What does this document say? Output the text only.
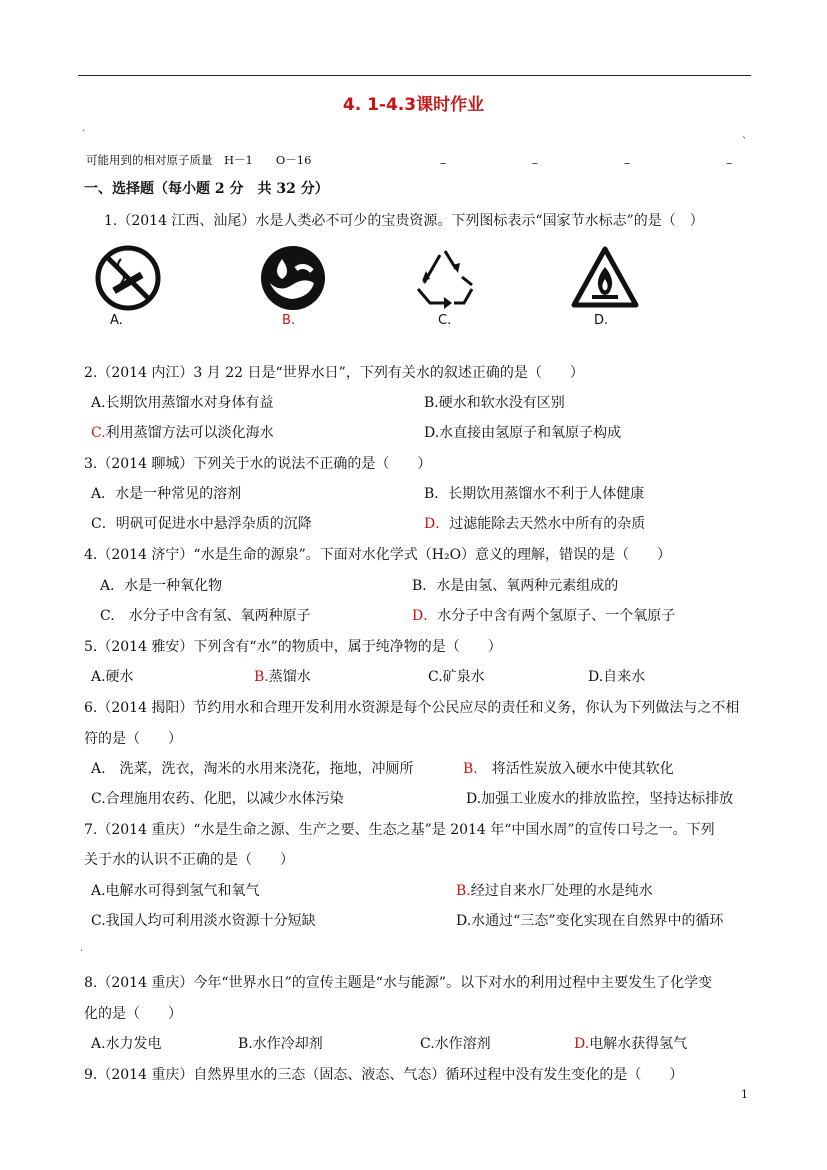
4. 1-4.3课时作业
·	、
可能用到的相对原子质量　H－1　　O－16	–	–	–	–
一、选择题（每小题 2 分　共 32 分）
1.（2014 江西、汕尾）水是人类必不可少的宝贵资源。下列图标表示“国家节水标志”的是（　）
A.	B.	C.	D.
2.（2014 内江）3 月 22 日是“世界水日”，下列有关水的叙述正确的是（　　）
A.长期饮用蒸馏水对身体有益	B.硬水和软水没有区别
C.利用蒸馏方法可以淡化海水	D.水直接由氢原子和氧原子构成
3.（2014 聊城）下列关于水的说法不正确的是（　　）
A．水是一种常见的溶剂	B．长期饮用蒸馏水不利于人体健康
C．明矾可促进水中悬浮杂质的沉降	D．过滤能除去天然水中所有的杂质
4.（2014 济宁）“水是生命的源泉”。下面对水化学式（H₂O）意义的理解，错误的是（　　）
A．水是一种氧化物	B．水是由氢、氧两种元素组成的
C.　水分子中含有氢、氧两种原子	D．水分子中含有两个氢原子、一个氧原子
5.（2014 雅安）下列含有“水”的物质中，属于纯净物的是（　　）
A.硬水	B.蒸馏水	C.矿泉水	D.自来水
6.（2014 揭阳）节约用水和合理开发利用水资源是每个公民应尽的责任和义务，你认为下列做法与之不相
符的是（　　）
A.　洗菜，洗衣，淘米的水用来浇花，拖地，冲厕所	B.　 将活性炭放入硬水中使其软化
C.合理施用农药、化肥，以减少水体污染	D.加强工业废水的排放监控，坚持达标排放
7.（2014 重庆）“水是生命之源、生产之要、生态之基”是 2014 年“中国水周”的宣传口号之一。下列
关于水的认识不正确的是（　　）
A.电解水可得到氢气和氧气	B.经过自来水厂处理的水是纯水
C.我国人均可利用淡水资源十分短缺	D.水通过“三态”变化实现在自然界中的循环
·
8.（2014 重庆）今年“世界水日”的宣传主题是“水与能源”。以下对水的利用过程中主要发生了化学变
化的是（　　）
A.水力发电	B.水作冷却剂	C.水作溶剂	D.电解水获得氢气
9.（2014 重庆）自然界里水的三态（固态、液态、气态）循环过程中没有发生变化的是（　　）
1
